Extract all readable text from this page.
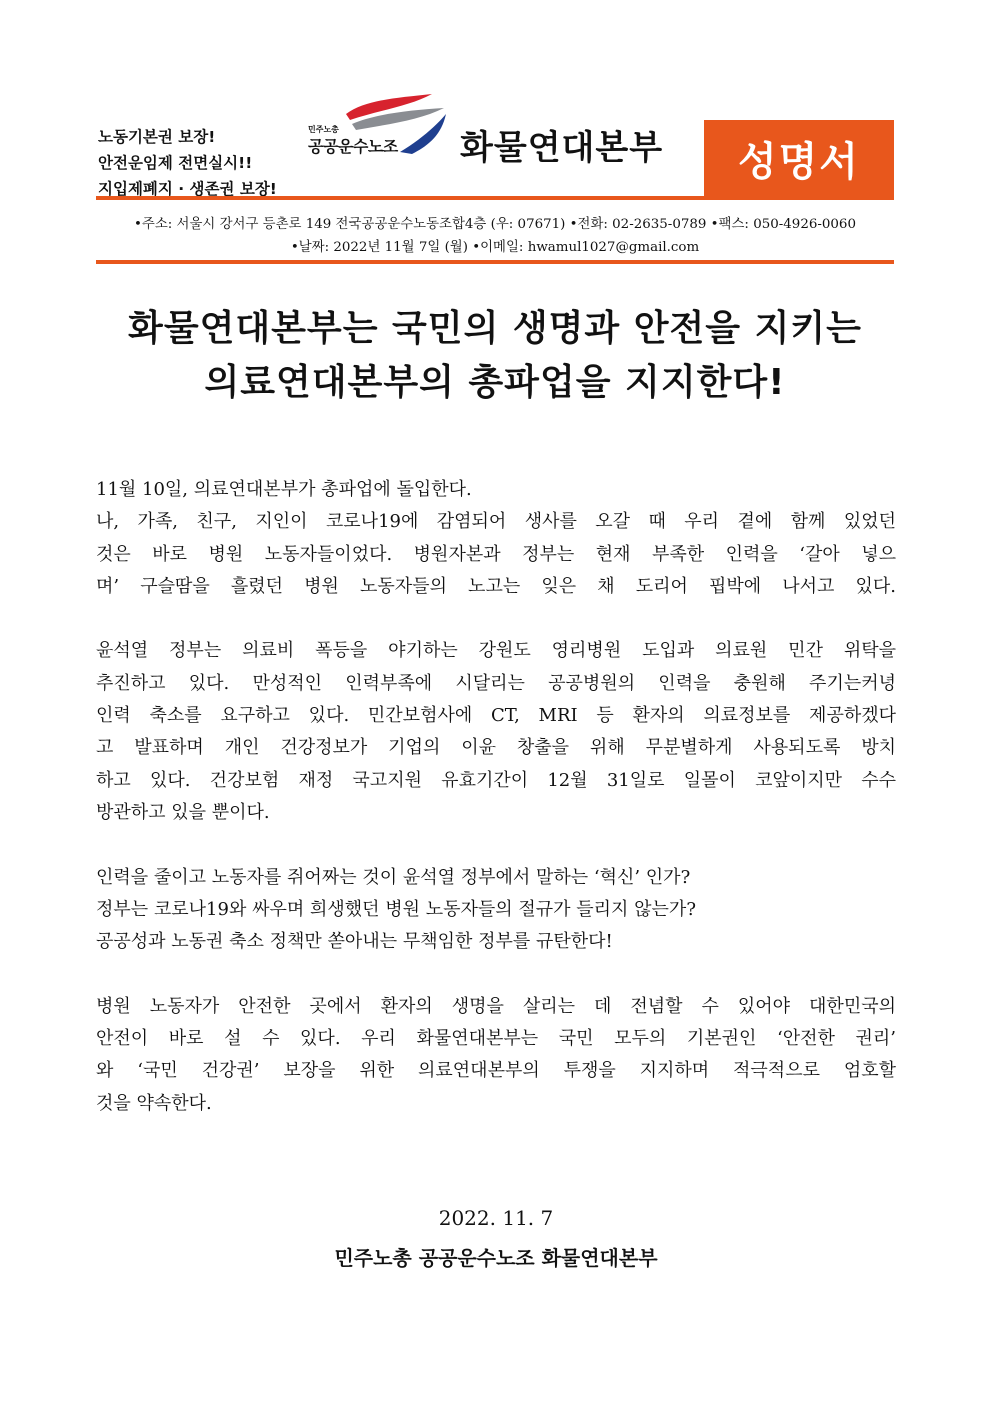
노동기본권 보장!
안전운임제 전면실시!!
지입제폐지 · 생존권 보장!
민주노총
공공운수노조 화물연대본부	성명서
•주소: 서울시 강서구 등촌로 149 전국공공운수노동조합4층 (우: 07671) •전화: 02-2635-0789 •팩스: 050-4926-0060
•날짜: 2022년 11월 7일 (월) •이메일: hwamul1027@gmail.com
화물연대본부는 국민의 생명과 안전을 지키는
의료연대본부의 총파업을 지지한다!
11월 10일, 의료연대본부가 총파업에 돌입한다.
나, 가족, 친구, 지인이 코로나19에 감염되어 생사를 오갈 때 우리 곁에 함께 있었던
것은 바로 병원 노동자들이었다. 병원자본과 정부는 현재 부족한 인력을 ‘갈아 넣으
며’ 구슬땀을 흘렸던 병원 노동자들의 노고는 잊은 채 도리어 핍박에 나서고 있다.
윤석열 정부는 의료비 폭등을 야기하는 강원도 영리병원 도입과 의료원 민간 위탁을
추진하고 있다. 만성적인 인력부족에 시달리는 공공병원의 인력을 충원해 주기는커녕
인력 축소를 요구하고 있다. 민간보험사에 CT, MRI 등 환자의 의료정보를 제공하겠다
고 발표하며 개인 건강정보가 기업의 이윤 창출을 위해 무분별하게 사용되도록 방치
하고 있다. 건강보험 재정 국고지원 유효기간이 12월 31일로 일몰이 코앞이지만 수수
방관하고 있을 뿐이다.
인력을 줄이고 노동자를 쥐어짜는 것이 윤석열 정부에서 말하는 ‘혁신’ 인가?
정부는 코로나19와 싸우며 희생했던 병원 노동자들의 절규가 들리지 않는가?
공공성과 노동권 축소 정책만 쏟아내는 무책임한 정부를 규탄한다!
병원 노동자가 안전한 곳에서 환자의 생명을 살리는 데 전념할 수 있어야 대한민국의
안전이 바로 설 수 있다. 우리 화물연대본부는 국민 모두의 기본권인 ‘안전한 권리’
와 ‘국민 건강권’ 보장을 위한 의료연대본부의 투쟁을 지지하며 적극적으로 엄호할
것을 약속한다.
2022. 11. 7
민주노총 공공운수노조 화물연대본부
